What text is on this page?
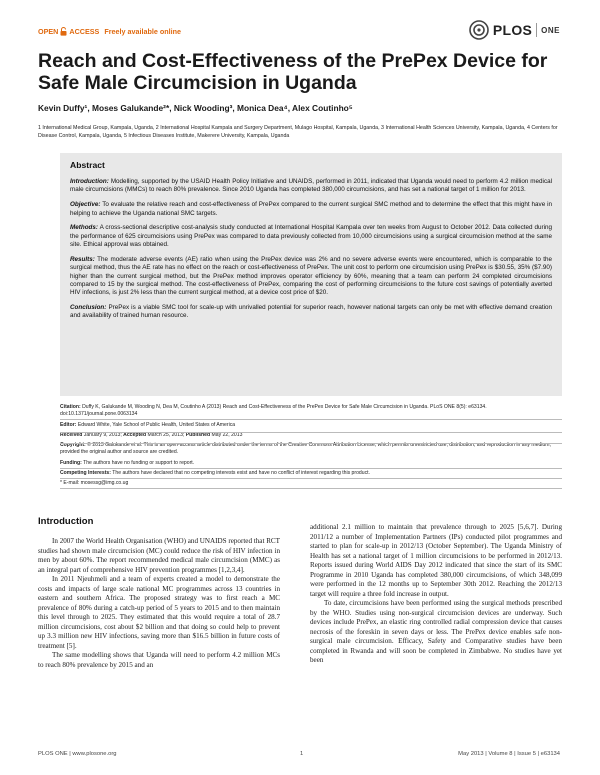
OPEN ACCESS Freely available online	PLOS ONE
Reach and Cost-Effectiveness of the PrePex Device for Safe Male Circumcision in Uganda
Kevin Duffy¹, Moses Galukande²*, Nick Wooding³, Monica Dea⁴, Alex Coutinho⁵
1 International Medical Group, Kampala, Uganda, 2 International Hospital Kampala and Surgery Department, Mulago Hospital, Kampala, Uganda, 3 International Health Sciences University, Kampala, Uganda, 4 Centers for Disease Control, Kampala, Uganda, 5 Infectious Diseases Institute, Makerere University, Kampala, Uganda
Abstract

Introduction: Modelling, supported by the USAID Health Policy Initiative and UNAIDS, performed in 2011, indicated that Uganda would need to perform 4.2 million medical male circumcisions (MMCs) to reach 80% prevalence. Since 2010 Uganda has completed 380,000 circumcisions, and has set a national target of 1 million for 2013.

Objective: To evaluate the relative reach and cost-effectiveness of PrePex compared to the current surgical SMC method and to determine the effect that this might have in helping to achieve the Uganda national SMC targets.

Methods: A cross-sectional descriptive cost-analysis study conducted at International Hospital Kampala over ten weeks from August to October 2012. Data collected during the performance of 625 circumcisions using PrePex was compared to data previously collected from 10,000 circumcisions using a surgical circumcision method at the same site. Ethical approval was obtained.

Results: The moderate adverse events (AE) ratio when using the PrePex device was 2% and no severe adverse events were encountered, which is comparable to the surgical method, thus the AE rate has no effect on the reach or cost-effectiveness of PrePex. The unit cost to perform one circumcision using PrePex is $30.55, 35% ($7.90) higher than the current surgical method, but the PrePex method improves operator efficiency by 60%, meaning that a team can perform 24 completed circumcisions compared to 15 by the surgical method. The cost-effectiveness of PrePex, comparing the cost of performing circumcisions to the future cost savings of potentially averted HIV infections, is just 2% less than the current surgical method, at a device cost price of $20.

Conclusion: PrePex is a viable SMC tool for scale-up with unrivalled potential for superior reach, however national targets can only be met with effective demand creation and availability of trained human resource.

Citation: Duffy K, Galukande M, Wooding N, Dea M, Coutinho A (2013) Reach and Cost-Effectiveness of the PrePex Device for Safe Male Circumcision in Uganda. PLoS ONE 8(5): e63134. doi:10.1371/journal.pone.0063134
Editor: Edward White, Yale School of Public Health, United States of America
Received January 9, 2013; Accepted March 25, 2013; Published May 22, 2013
Copyright: © 2013 Galukande et al. This is an open-access article distributed under the terms of the Creative Commons Attribution License, which permits unrestricted use, distribution, and reproduction in any medium, provided the original author and source are credited.
Funding: The authors have no funding or support to report.
Competing Interests: The authors have declared that no competing interests exist and have no conflict of interest regarding this product.
* E-mail: mosessg@img.co.ug
Introduction

In 2007 the World Health Organisation (WHO) and UNAIDS reported that RCT studies had shown male circumcision (MC) could reduce the risk of HIV infection in men by about 60%. The report recommended medical male circumcision (MMC) as an integral part of comprehensive HIV prevention programmes [1,2,3,4].

In 2011 Njeuhmeli and a team of experts created a model to demonstrate the costs and impacts of large scale national MC programmes across 13 countries in eastern and southern Africa. The proposed strategy was to first reach a MC prevalence of 80% during a catch-up period of 5 years to 2015 and to then maintain this level through to 2025. They estimated that this would require a total of 28.7 million circumcisions, cost about $2 billion and that doing so could help to prevent up 3.3 million new HIV infections, saving more than $16.5 billion in future costs of treatment [5].

The same modelling shows that Uganda will need to perform 4.2 million MCs to reach 80% prevalence by 2015 and an

additional 2.1 million to maintain that prevalence through to 2025 [5,6,7]. During 2011/12 a number of Implementation Partners (IPs) conducted pilot programmes and started to plan for scale-up in 2012/13 (October September). The Uganda Ministry of Health has set a national target of 1 million circumcisions to be performed in 2012/13. Reports issued during World AIDS Day 2012 indicated that since the start of its SMC Programme in 2010 Uganda has completed 380,000 circumcisions, of which 348,099 were performed in the 12 months up to September 30th 2012. Reaching the 2012/13 target will require a three fold increase in output.

To date, circumcisions have been performed using the surgical methods prescribed by the WHO. Studies using non-surgical circumcision devices are underway. Such devices include PrePex, an elastic ring controlled radial compression device that causes necrosis of the foreskin in seven days or less. The PrePex device enables safe non-surgical male circumcision. Efficacy, Safety and Comparative studies have been completed in Rwanda and will soon be completed in Zimbabwe. No studies have yet been

PLOS ONE | www.plosone.org	1	May 2013 | Volume 8 | Issue 5 | e63134
